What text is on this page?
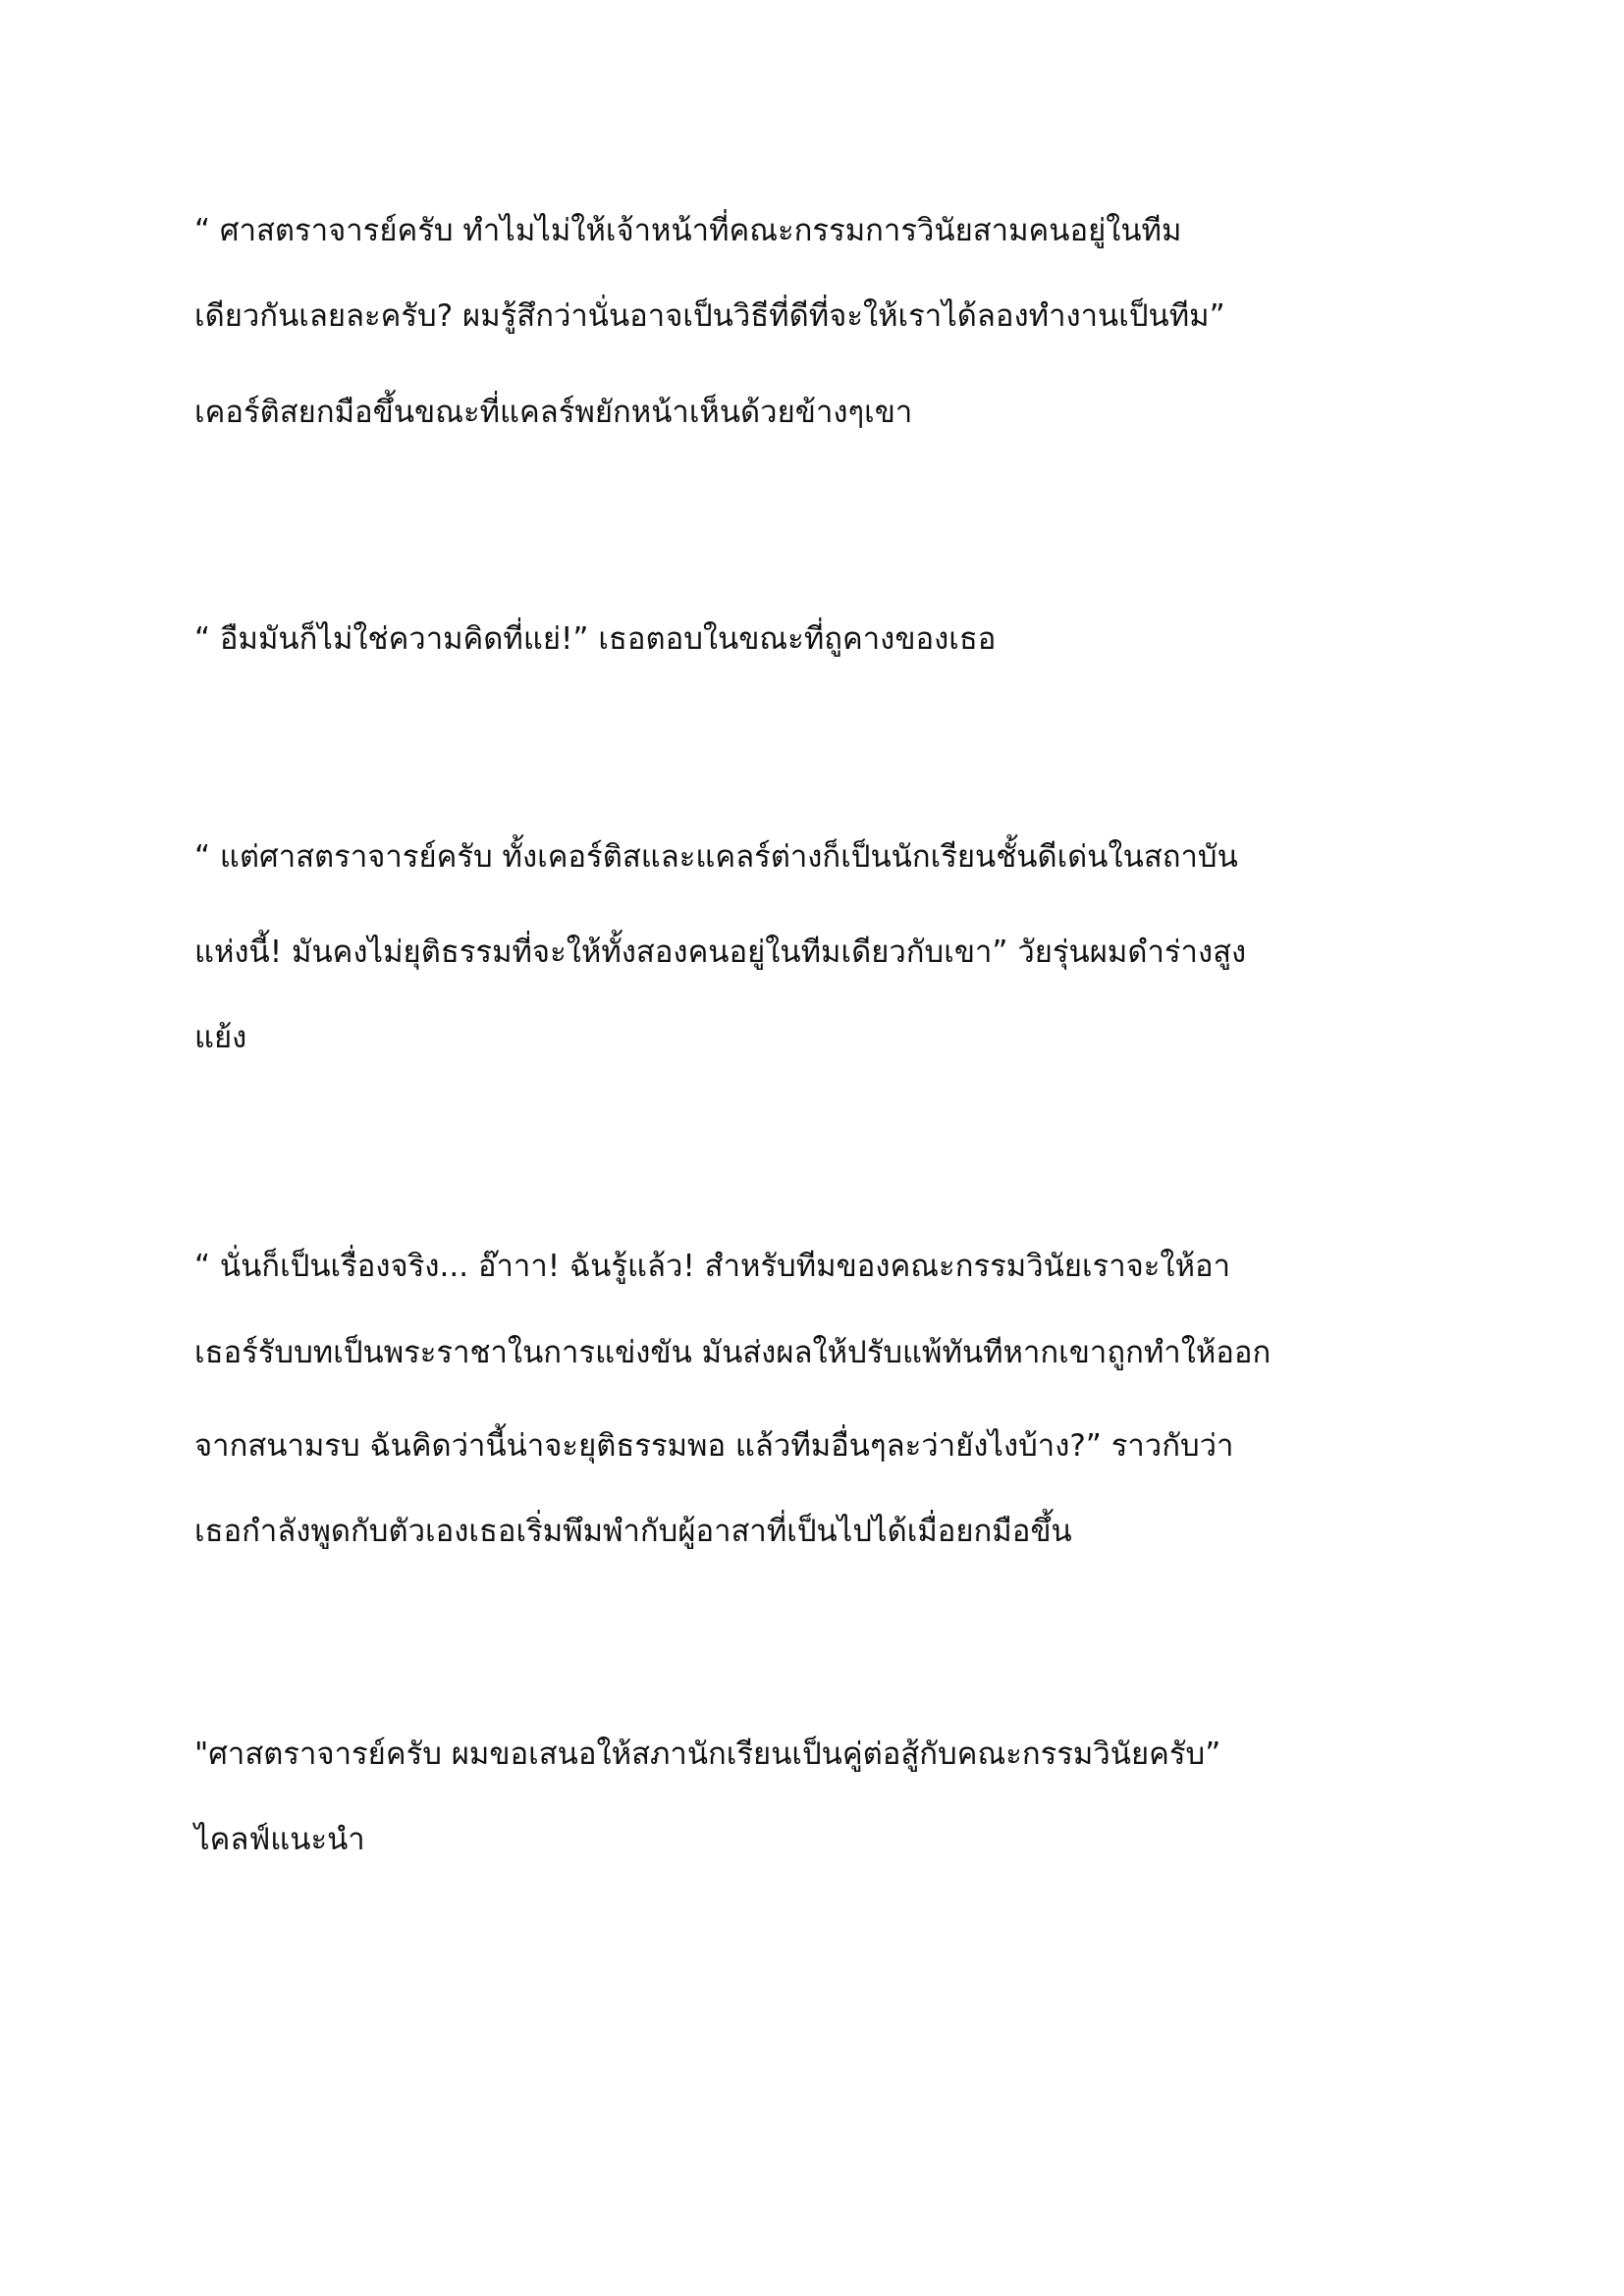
“ ศาสตราจารย์ครับ ทำไมไม่ให้เจ้าหน้าที่คณะกรรมการวินัยสามคนอยู่ในทีม
เดียวกันเลยละครับ? ผมรู้สึกว่านั่นอาจเป็นวิธีที่ดีที่จะให้เราได้ลองทำงานเป็นทีม”
เคอร์ติสยกมือขึ้นขณะที่แคลร์พยักหน้าเห็นด้วยข้างๆเขา
“ อืมมันก็ไม่ใช่ความคิดที่แย่!” เธอตอบในขณะที่ถูคางของเธอ
“ แต่ศาสตราจารย์ครับ ทั้งเคอร์ติสและแคลร์ต่างก็เป็นนักเรียนชั้นดีเด่นในสถาบัน
แห่งนี้! มันคงไม่ยุติธรรมที่จะให้ทั้งสองคนอยู่ในทีมเดียวกับเขา” วัยรุ่นผมดำร่างสูง
แย้ง
“ นั่นก็เป็นเรื่องจริง... อ๊าาา! ฉันรู้แล้ว! สำหรับทีมของคณะกรรมวินัยเราจะให้อา
เธอร์รับบทเป็นพระราชาในการแข่งขัน มันส่งผลให้ปรับแพ้ทันทีหากเขาถูกทำให้ออก
จากสนามรบ ฉันคิดว่านี้น่าจะยุติธรรมพอ แล้วทีมอื่นๆละว่ายังไงบ้าง?” ราวกับว่า
เธอกำลังพูดกับตัวเองเธอเริ่มพึมพำกับผู้อาสาที่เป็นไปได้เมื่อยกมือขึ้น
"ศาสตราจารย์ครับ ผมขอเสนอให้สภานักเรียนเป็นคู่ต่อสู้กับคณะกรรมวินัยครับ”
ไคลฟ์แนะนำ
